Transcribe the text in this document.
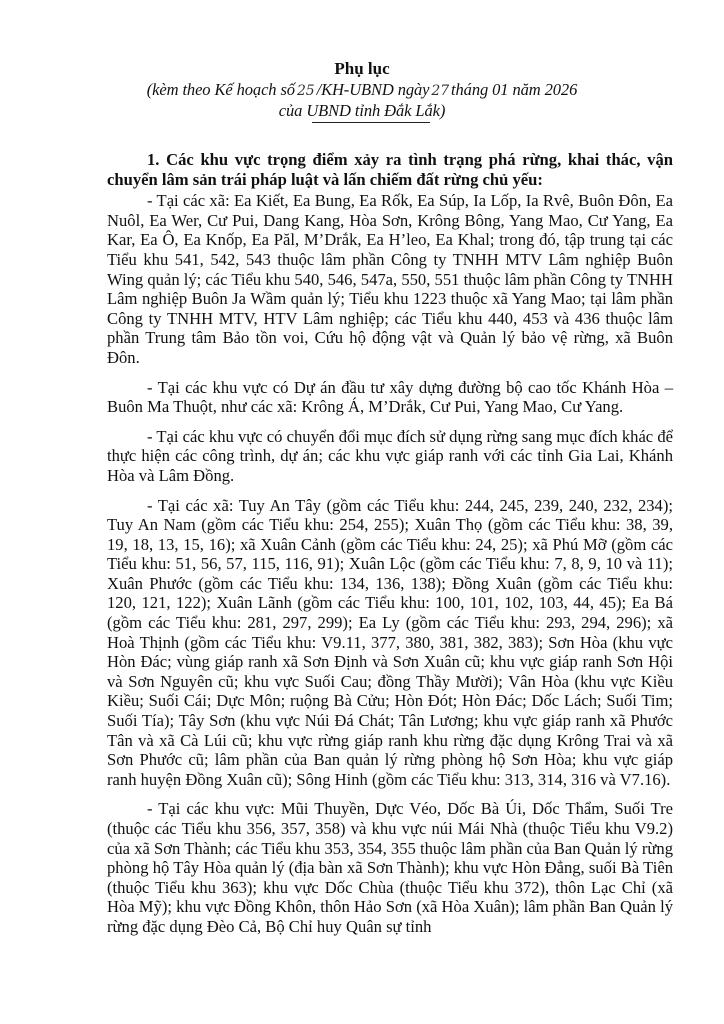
Phụ lục
(kèm theo Kế hoạch số 25 /KH-UBND ngày 27 tháng 01 năm 2026
của UBND tỉnh Đắk Lắk)

1. Các khu vực trọng điểm xảy ra tình trạng phá rừng, khai thác, vận chuyển lâm sản trái pháp luật và lấn chiếm đất rừng chủ yếu:

- Tại các xã: Ea Kiết, Ea Bung, Ea Rốk, Ea Súp, Ia Lốp, Ia Rvê, Buôn Đôn, Ea Nuôl, Ea Wer, Cư Pui, Dang Kang, Hòa Sơn, Krông Bông, Yang Mao, Cư Yang, Ea Kar, Ea Ô, Ea Knốp, Ea Păl, M’Drắk, Ea H’leo, Ea Khal; trong đó, tập trung tại các Tiểu khu 541, 542, 543 thuộc lâm phần Công ty TNHH MTV Lâm nghiệp Buôn Wing quản lý; các Tiểu khu 540, 546, 547a, 550, 551 thuộc lâm phần Công ty TNHH Lâm nghiệp Buôn Ja Wầm quản lý; Tiểu khu 1223 thuộc xã Yang Mao; tại lâm phần Công ty TNHH MTV, HTV Lâm nghiệp; các Tiểu khu 440, 453 và 436 thuộc lâm phần Trung tâm Bảo tồn voi, Cứu hộ động vật và Quản lý bảo vệ rừng, xã Buôn Đôn.

- Tại các khu vực có Dự án đầu tư xây dựng đường bộ cao tốc Khánh Hòa – Buôn Ma Thuột, như các xã: Krông Á, M’Drắk, Cư Pui, Yang Mao, Cư Yang.

- Tại các khu vực có chuyển đổi mục đích sử dụng rừng sang mục đích khác để thực hiện các công trình, dự án; các khu vực giáp ranh với các tỉnh Gia Lai, Khánh Hòa và Lâm Đồng.

- Tại các xã: Tuy An Tây (gồm các Tiểu khu: 244, 245, 239, 240, 232, 234); Tuy An Nam (gồm các Tiểu khu: 254, 255); Xuân Thọ (gồm các Tiểu khu: 38, 39, 19, 18, 13, 15, 16); xã Xuân Cảnh (gồm các Tiểu khu: 24, 25); xã Phú Mỡ (gồm các Tiểu khu: 51, 56, 57, 115, 116, 91); Xuân Lộc (gồm các Tiểu khu: 7, 8, 9, 10 và 11); Xuân Phước (gồm các Tiểu khu: 134, 136, 138); Đồng Xuân (gồm các Tiểu khu: 120, 121, 122); Xuân Lãnh (gồm các Tiểu khu: 100, 101, 102, 103, 44, 45); Ea Bá (gồm các Tiểu khu: 281, 297, 299); Ea Ly (gồm các Tiểu khu: 293, 294, 296); xã Hoà Thịnh (gồm các Tiểu khu: V9.11, 377, 380, 381, 382, 383); Sơn Hòa (khu vực Hòn Đác; vùng giáp ranh xã Sơn Định và Sơn Xuân cũ; khu vực giáp ranh Sơn Hội và Sơn Nguyên cũ; khu vực Suối Cau; đồng Thầy Mười); Vân Hòa (khu vực Kiều Kiều; Suối Cái; Dực Môn; ruộng Bà Cửu; Hòn Đót; Hòn Đác; Dốc Lách; Suối Tim; Suối Tía); Tây Sơn (khu vực Núi Đá Chát; Tân Lương; khu vực giáp ranh xã Phước Tân và xã Cà Lúi cũ; khu vực rừng giáp ranh khu rừng đặc dụng Krông Trai và xã Sơn Phước cũ; lâm phần của Ban quản lý rừng phòng hộ Sơn Hòa; khu vực giáp ranh huyện Đồng Xuân cũ); Sông Hinh (gồm các Tiểu khu: 313, 314, 316 và V7.16).

- Tại các khu vực: Mũi Thuyền, Dực Véo, Dốc Bà Úi, Dốc Thẩm, Suối Tre (thuộc các Tiểu khu 356, 357, 358) và khu vực núi Mái Nhà (thuộc Tiểu khu V9.2) của xã Sơn Thành; các Tiểu khu 353, 354, 355 thuộc lâm phần của Ban Quản lý rừng phòng hộ Tây Hòa quản lý (địa bàn xã Sơn Thành); khu vực Hòn Đẳng, suối Bà Tiên (thuộc Tiểu khu 363); khu vực Dốc Chùa (thuộc Tiểu khu 372), thôn Lạc Chỉ (xã Hòa Mỹ); khu vực Đồng Khôn, thôn Hảo Sơn (xã Hòa Xuân); lâm phần Ban Quản lý rừng đặc dụng Đèo Cả, Bộ Chỉ huy Quân sự tỉnh
